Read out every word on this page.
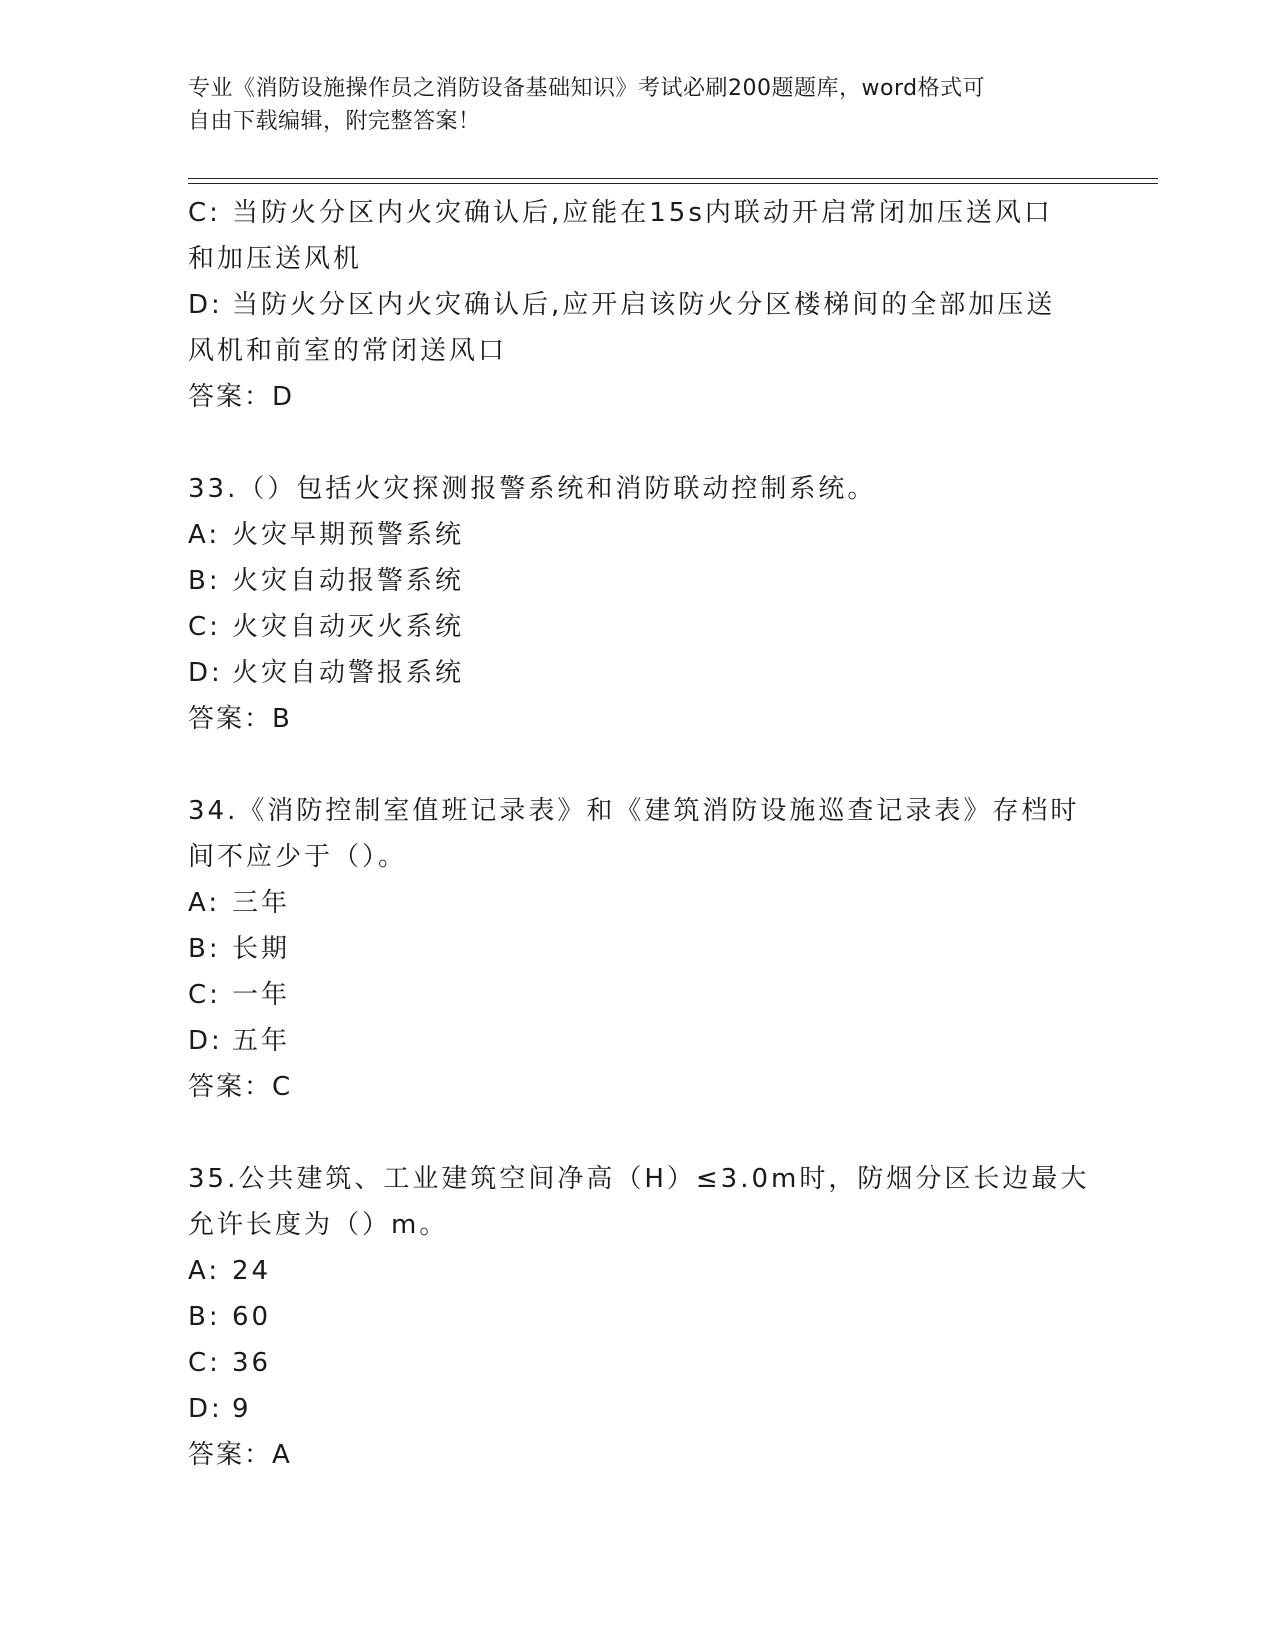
专业《消防设施操作员之消防设备基础知识》考试必刷200题题库，word格式可
自由下载编辑，附完整答案！
C: 当防火分区内火灾确认后,应能在15s内联动开启常闭加压送风口
和加压送风机
D: 当防火分区内火灾确认后,应开启该防火分区楼梯间的全部加压送
风机和前室的常闭送风口
答案：D
33.（）包括火灾探测报警系统和消防联动控制系统。
A: 火灾早期预警系统
B: 火灾自动报警系统
C: 火灾自动灭火系统
D: 火灾自动警报系统
答案：B
34.《消防控制室值班记录表》和《建筑消防设施巡查记录表》存档时
间不应少于（）。
A: 三年
B: 长期
C: 一年
D: 五年
答案：C
35.公共建筑、工业建筑空间净高（H）≤3.0m时，防烟分区长边最大
允许长度为（）m。
A: 24
B: 60
C: 36
D: 9
答案：A
